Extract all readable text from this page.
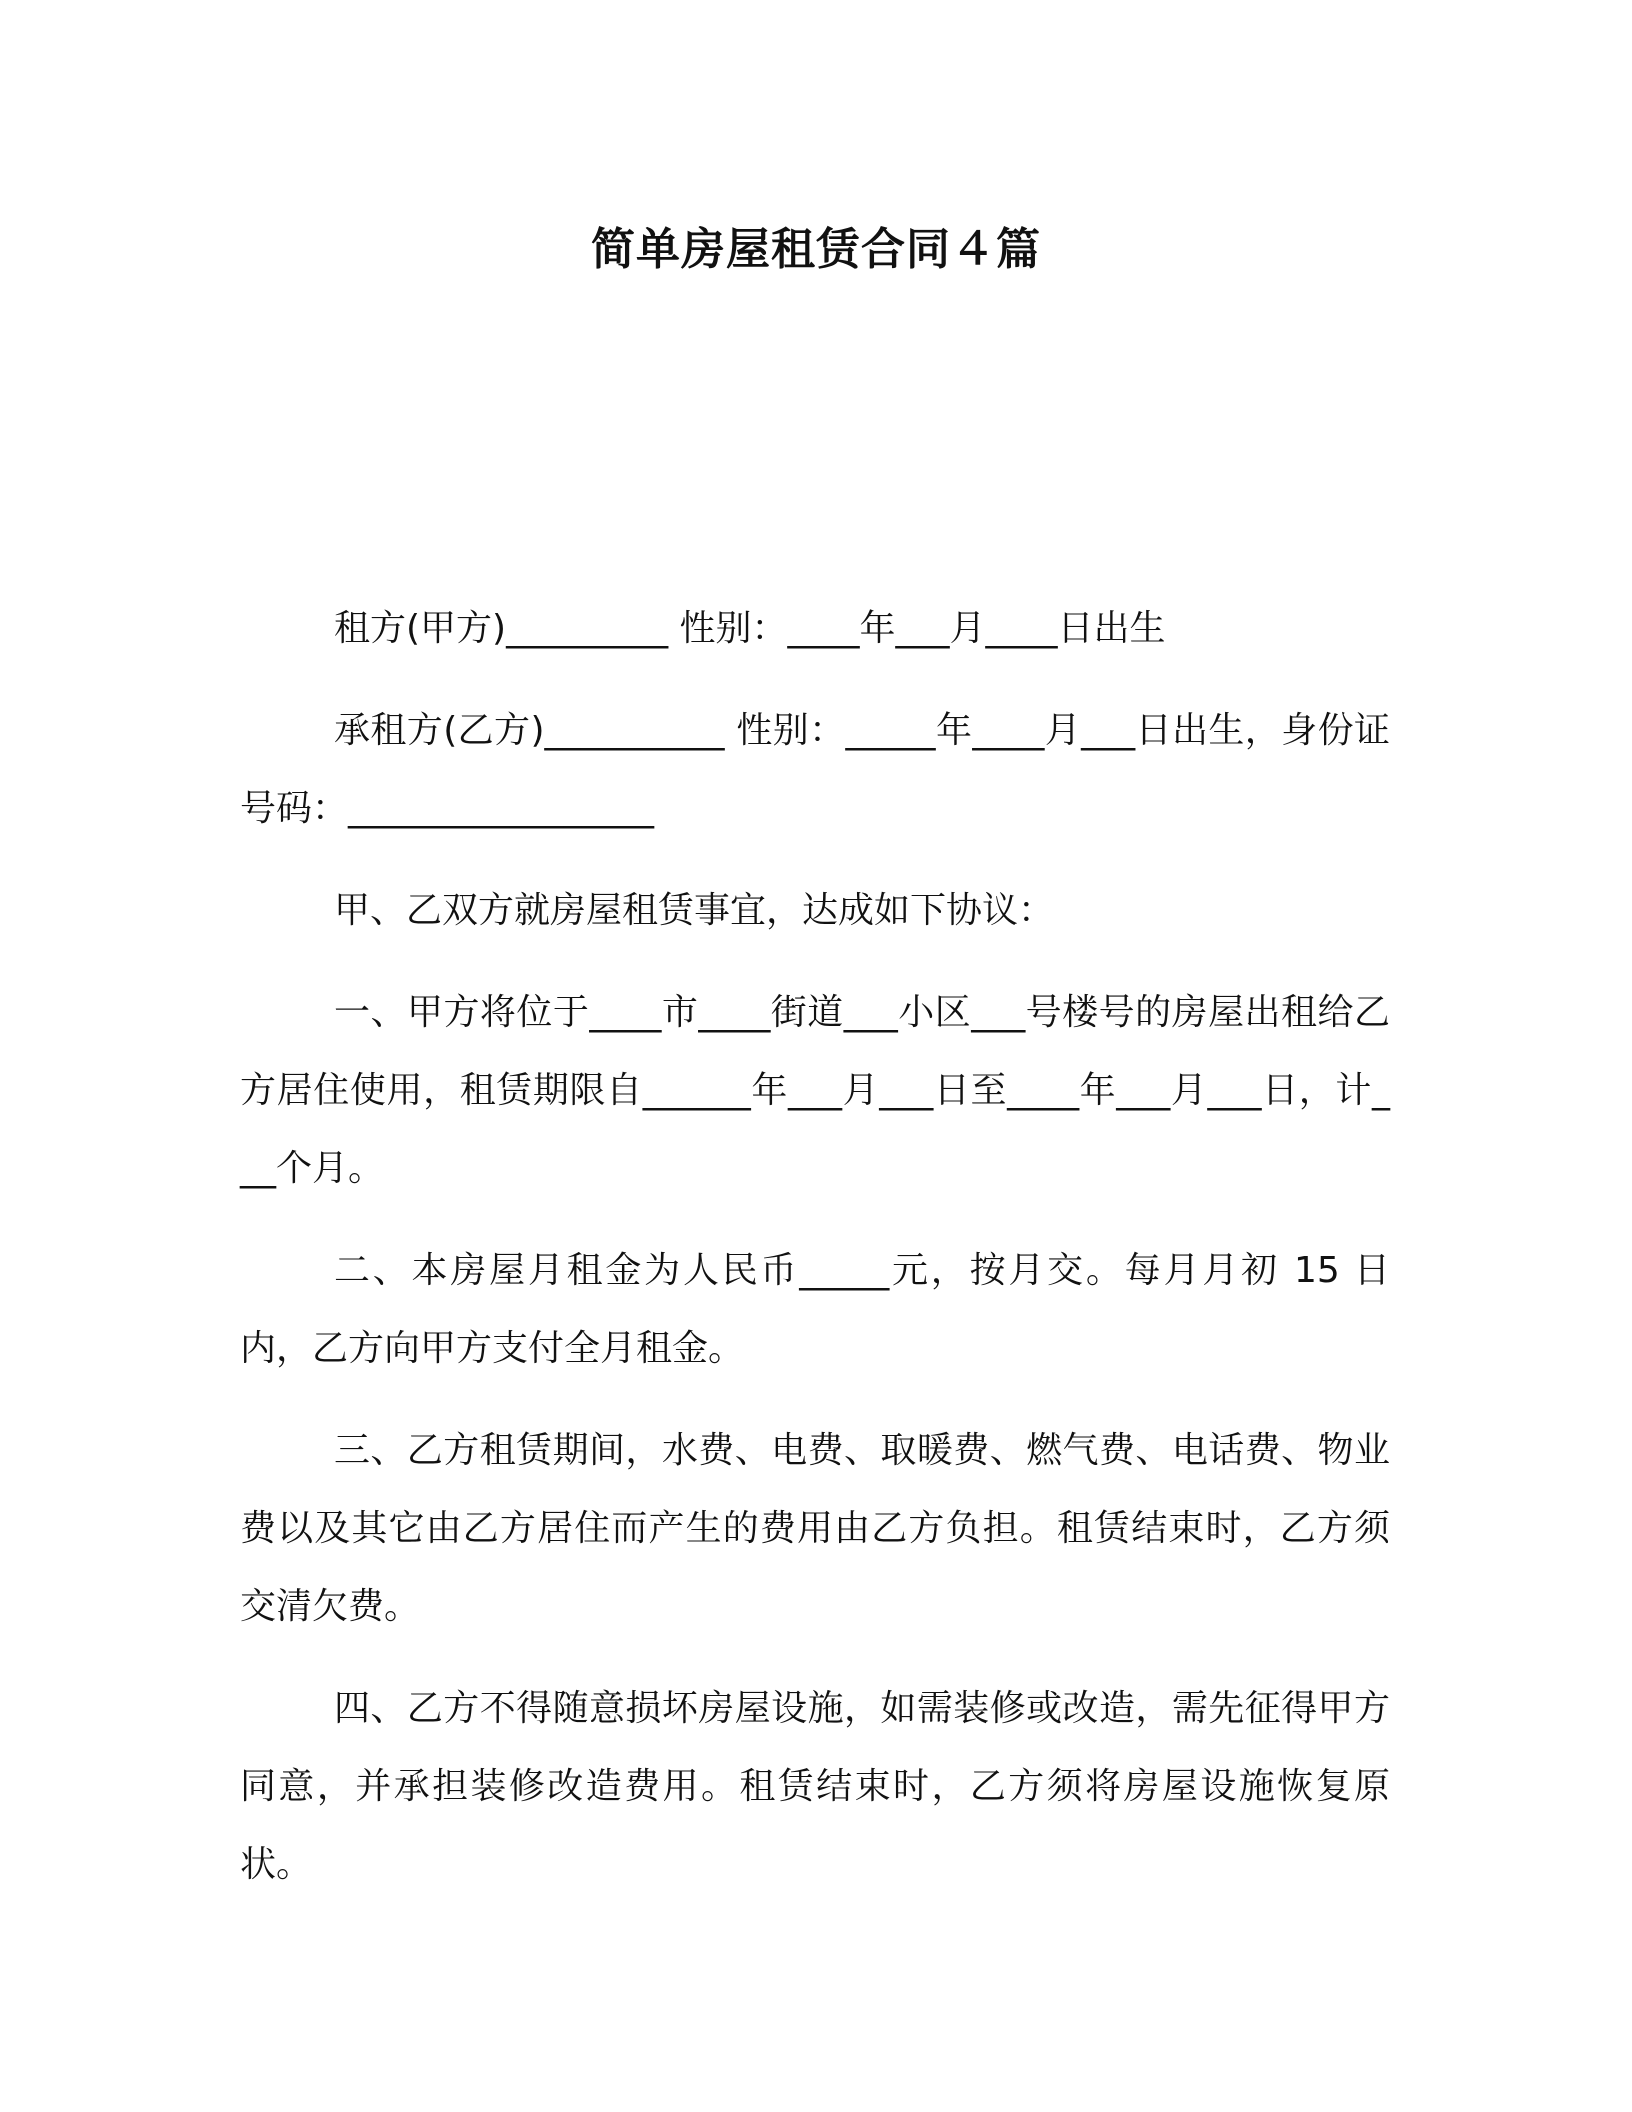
简单房屋租赁合同４篇

租方(甲方)_________ 性别：____年___月____日出生

承租方(乙方)__________ 性别：_____年____月___日出生，身份证号码：_________________

甲、乙双方就房屋租赁事宜，达成如下协议：

一、甲方将位于____市____街道___小区___号楼号的房屋出租给乙方居住使用，租赁期限自______年___月___日至____年___月___日，计___个月。

二、本房屋月租金为人民币_____元，按月交。每月月初 15 日内，乙方向甲方支付全月租金。

三、乙方租赁期间，水费、电费、取暖费、燃气费、电话费、物业费以及其它由乙方居住而产生的费用由乙方负担。租赁结束时，乙方须交清欠费。

四、乙方不得随意损坏房屋设施，如需装修或改造，需先征得甲方同意，并承担装修改造费用。租赁结束时，乙方须将房屋设施恢复原状。
